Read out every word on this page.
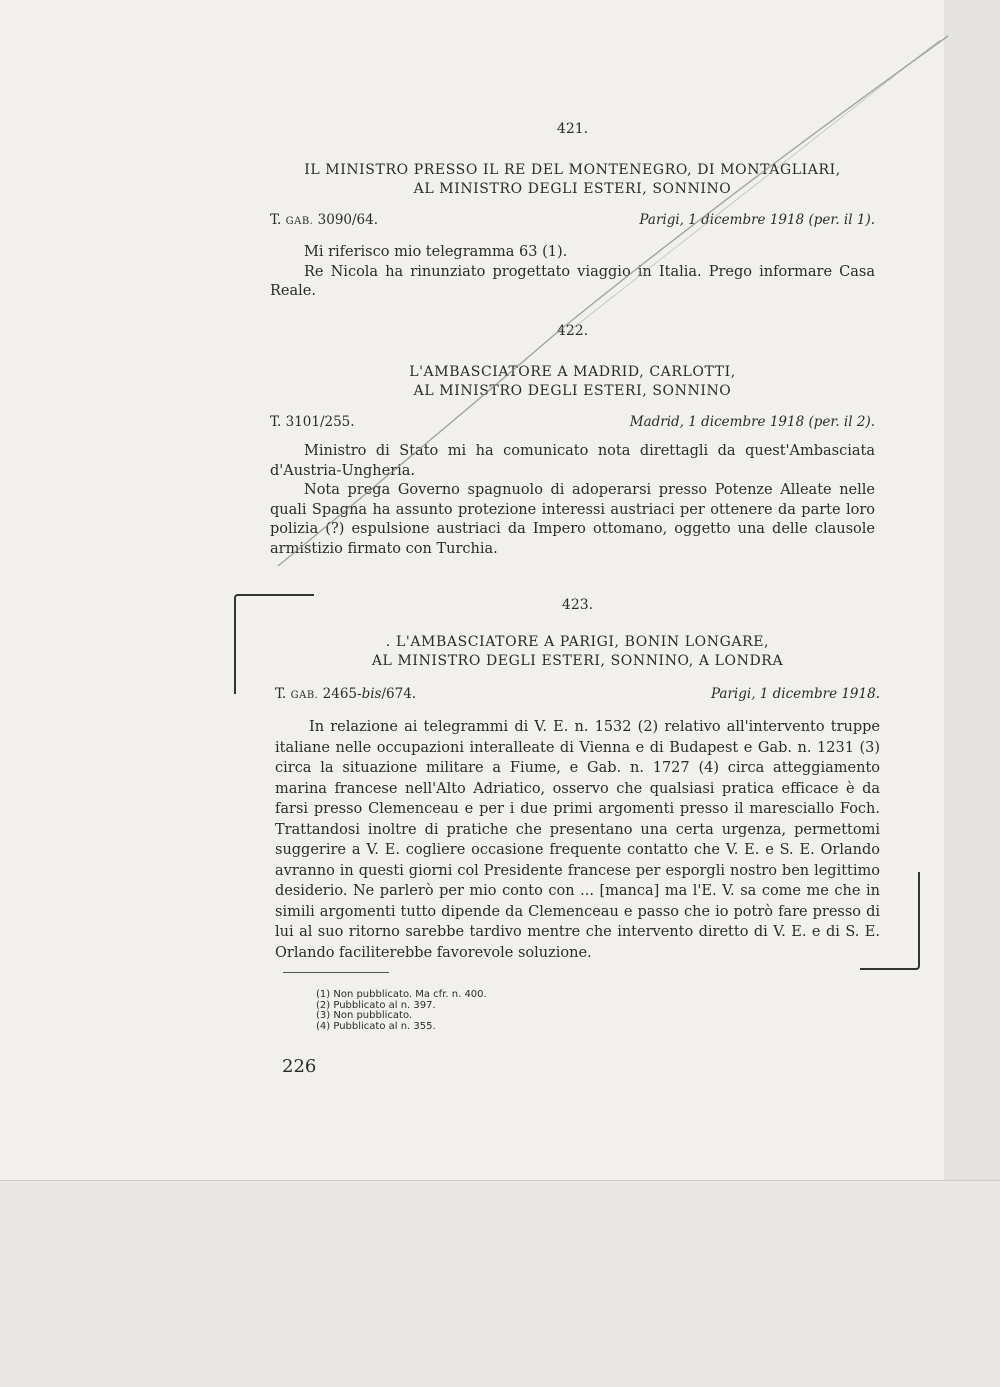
421.
IL MINISTRO PRESSO IL RE DEL MONTENEGRO, DI MONTAGLIARI,
AL MINISTRO DEGLI ESTERI, SONNINO
T. GAB. 3090/64.	Parigi, 1 dicembre 1918 (per. il 1).

Mi riferisco mio telegramma 63 (1).

Re Nicola ha rinunziato progettato viaggio in Italia. Prego informare Casa Reale.

422.
L'AMBASCIATORE A MADRID, CARLOTTI,
AL MINISTRO DEGLI ESTERI, SONNINO
T. 3101/255.	Madrid, 1 dicembre 1918 (per. il 2).

Ministro di Stato mi ha comunicato nota direttagli da quest'Ambasciata d'Austria-Ungheria.

Nota prega Governo spagnuolo di adoperarsi presso Potenze Alleate nelle quali Spagna ha assunto protezione interessi austriaci per ottenere da parte loro polizia (?) espulsione austriaci da Impero ottomano, oggetto una delle clausole armistizio firmato con Turchia.

423.
. L'AMBASCIATORE A PARIGI, BONIN LONGARE,
AL MINISTRO DEGLI ESTERI, SONNINO, A LONDRA
T. GAB. 2465-bis/674.	Parigi, 1 dicembre 1918.

In relazione ai telegrammi di V. E. n. 1532 (2) relativo all'intervento truppe italiane nelle occupazioni interalleate di Vienna e di Budapest e Gab. n. 1231 (3) circa la situazione militare a Fiume, e Gab. n. 1727 (4) circa atteggiamento marina francese nell'Alto Adriatico, osservo che qualsiasi pratica efficace è da farsi presso Clemenceau e per i due primi argomenti presso il maresciallo Foch. Trattandosi inoltre di pratiche che presentano una certa urgenza, permettomi suggerire a V. E. cogliere occasione frequente contatto che V. E. e S. E. Orlando avranno in questi giorni col Presidente francese per esporgli nostro ben legittimo desiderio. Ne parlerò per mio conto con ... [manca] ma l'E. V. sa come me che in simili argomenti tutto dipende da Clemenceau e passo che io potrò fare presso di lui al suo ritorno sarebbe tardivo mentre che intervento diretto di V. E. e di S. E. Orlando faciliterebbe favorevole soluzione.

(1) Non pubblicato. Ma cfr. n. 400.
(2) Pubblicato al n. 397.
(3) Non pubblicato.
(4) Pubblicato al n. 355.
226
